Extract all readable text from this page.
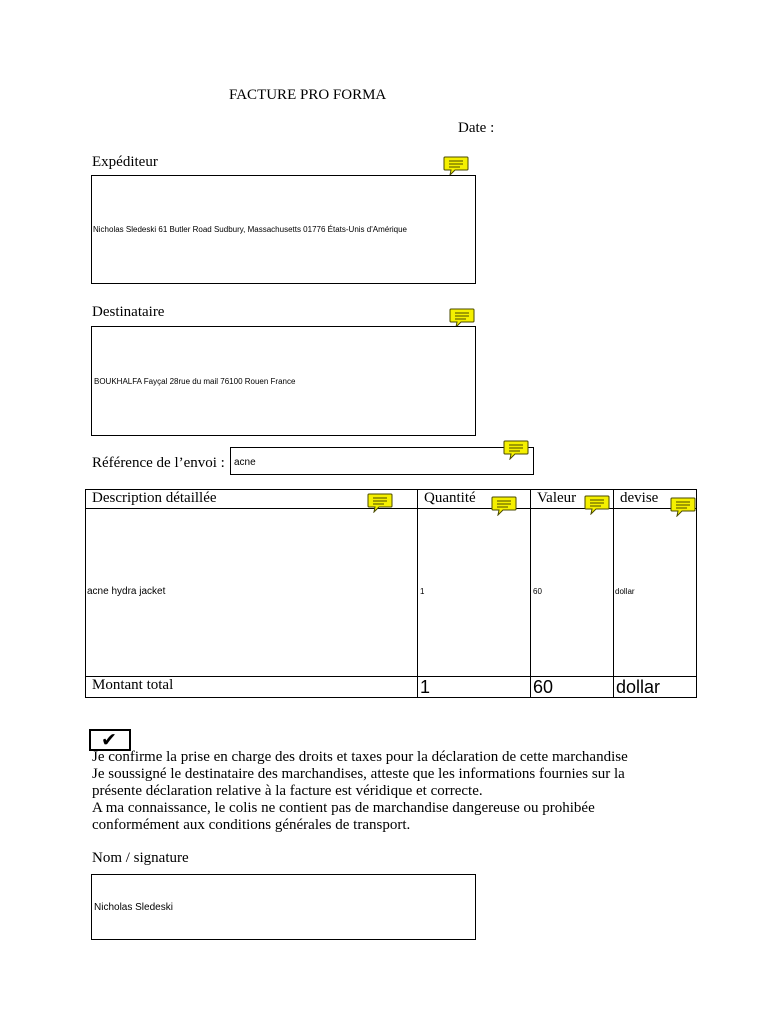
FACTURE PRO FORMA
Date :
Expéditeur
Nicholas Sledeski 61 Butler Road Sudbury, Massachusetts 01776 États-Unis d'Amérique
Destinataire
BOUKHALFA Fayçal 28rue du mail 76100 Rouen France
Référence de l’envoi : acne
Description détaillée	Quantité	Valeur	devise
acne hydra jacket	1	60	dollar
Montant total	1	60	dollar
✔
Je confirme la prise en charge des droits et taxes pour la déclaration de cette marchandise
Je soussigné le destinataire des marchandises, atteste que les informations fournies sur la
présente déclaration relative à la facture est véridique et correcte.
A ma connaissance, le colis ne contient pas de marchandise dangereuse ou prohibée
conformément aux conditions générales de transport.
Nom / signature
Nicholas Sledeski
